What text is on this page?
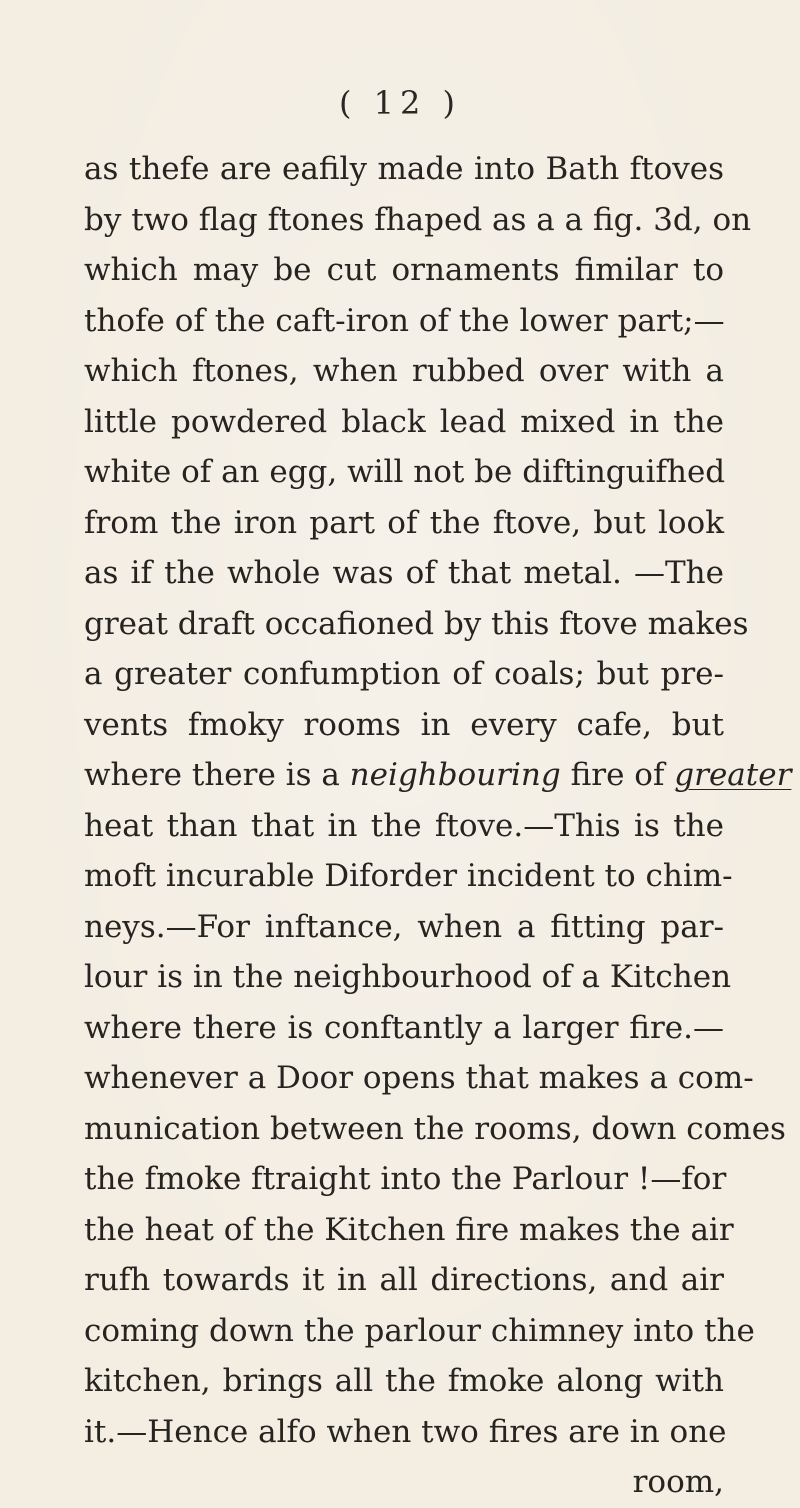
( 12 )
as thefe are eafily made into Bath ftoves
by two flag ftones fhaped as a a fig. 3d, on
which may be cut ornaments fimilar to
thofe of the caft-iron of the lower part;—
which ftones, when rubbed over with a
little powdered black lead mixed in the
white of an egg, will not be diftinguifhed
from the iron part of the ftove, but look
as if the whole was of that metal. —The
great draft occafioned by this ftove makes
a greater confumption of coals; but pre-
vents fmoky rooms in every cafe, but
where there is a neighbouring fire of greater
heat than that in the ftove.—This is the
moft incurable Diforder incident to chim-
neys.—For inftance, when a fitting par-
lour is in the neighbourhood of a Kitchen
where there is conftantly a larger fire.—
whenever a Door opens that makes a com-
munication between the rooms, down comes
the fmoke ftraight into the Parlour !—for
the heat of the Kitchen fire makes the air
rufh towards it in all directions, and air
coming down the parlour chimney into the
kitchen, brings all the fmoke along with
it.—Hence alfo when two fires are in one
room,
